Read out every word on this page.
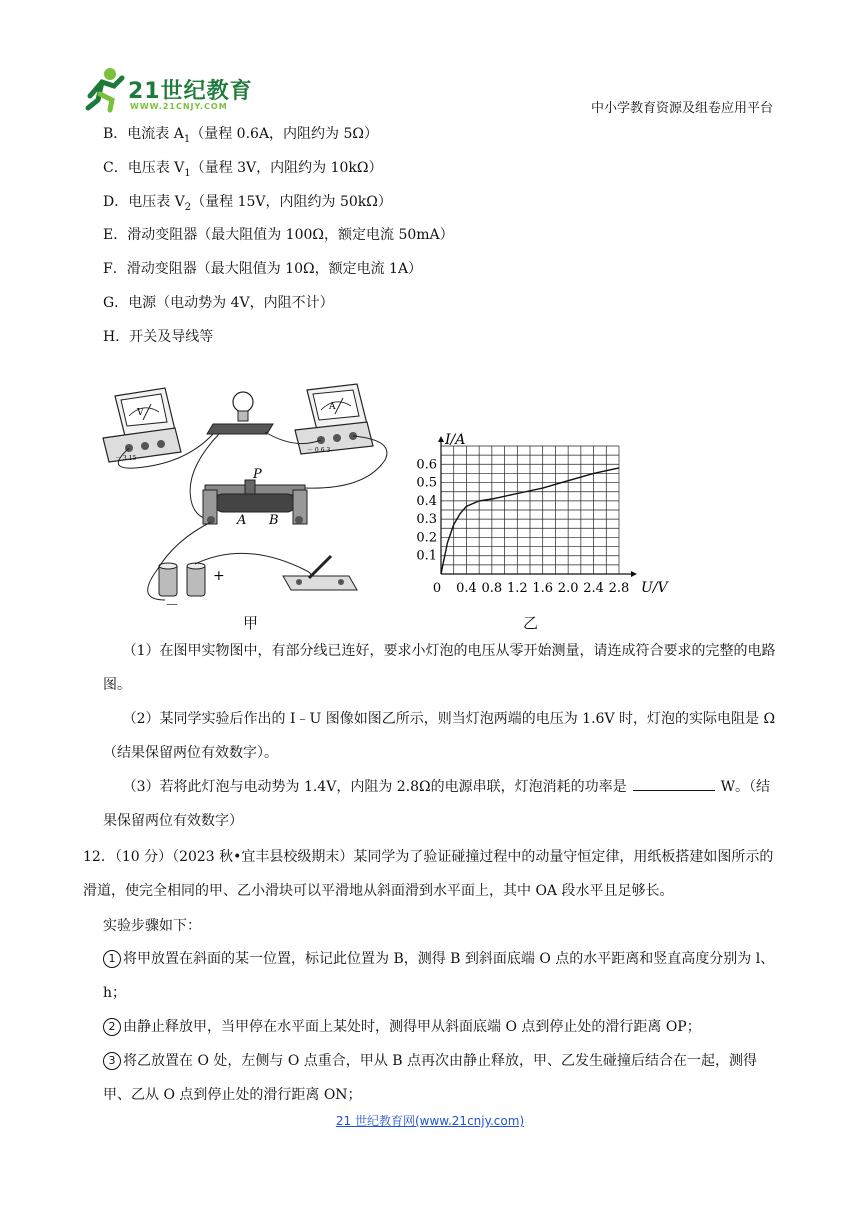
21世纪教育
WWW.21CNJY.COM	中小学教育资源及组卷应用平台
B．电流表 $A_1$（量程 0.6A，内阻约为 5Ω）
C．电压表 $V_1$（量程 3V，内阻约为 10kΩ）
D．电压表 $V_2$（量程 15V，内阻约为 50kΩ）
E．滑动变阻器（最大阻值为 100Ω，额定电流 50mA）
F．滑动变阻器（最大阻值为 10Ω，额定电流 1A）
G．电源（电动势为 4V，内阻不计）
H．开关及导线等
V
－ 3 15
A
－ 0.6 3
P
A B
+
－
甲
0 0.4 0.8 1.2 1.6 2.0 2.4 2.8
0.1
0.2
0.3
0.4
0.5
0.6
U/V
I/A
乙
（1）在图甲实物图中，有部分线已连好，要求小灯泡的电压从零开始测量，请连成符合要求的完整的电路图。
（2）某同学实验后作出的 I﹣U 图像如图乙所示，则当灯泡两端的电压为 1.6V 时，灯泡的实际电阻是 Ω（结果保留两位有效数字）。
（3）若将此灯泡与电动势为 1.4V，内阻为 2.8Ω的电源串联，灯泡消耗的功率是	W。（结果保留两位有效数字）
12．（10 分）（2023 秋•宜丰县校级期末）某同学为了验证碰撞过程中的动量守恒定律，用纸板搭建如图所示的滑道，使完全相同的甲、乙小滑块可以平滑地从斜面滑到水平面上，其中 OA 段水平且足够长。
实验步骤如下：
1 将甲放置在斜面的某一位置，标记此位置为 B，测得 B 到斜面底端 O 点的水平距离和竖直高度分别为 l、h；
2 由静止释放甲，当甲停在水平面上某处时，测得甲从斜面底端 O 点到停止处的滑行距离 OP；
3 将乙放置在 O 处，左侧与 O 点重合，甲从 B 点再次由静止释放，甲、乙发生碰撞后结合在一起，测得甲、乙从 O 点到停止处的滑行距离 ON；
21 世纪教育网(www.21cnjy.com)
